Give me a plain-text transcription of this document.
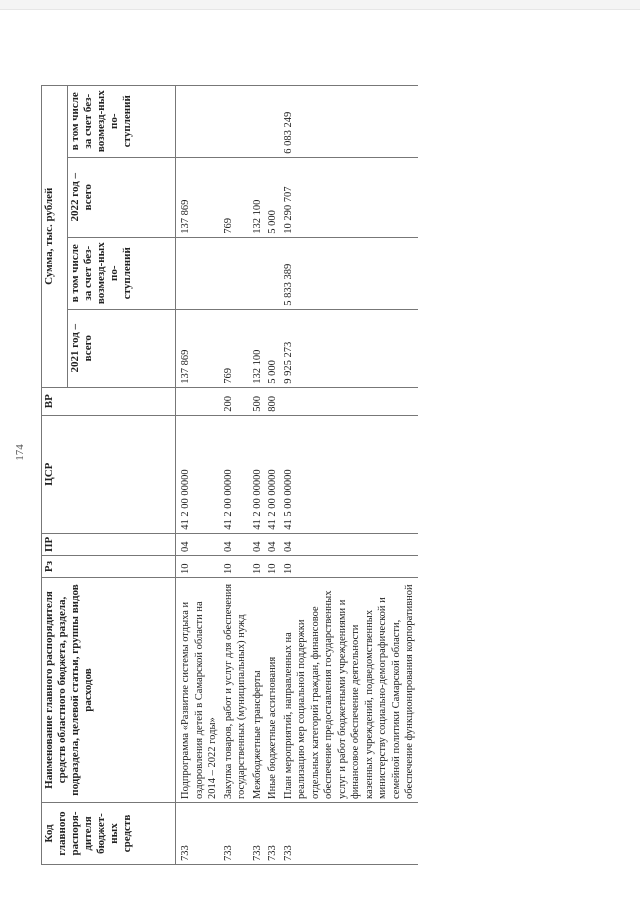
174
Код главного распоря-дителя бюджет-ных средств	Наименование главного распорядителя средств областного бюджета, раздела, подраздела, целевой статьи, группы видов расходов	Рз	ПР	ЦСР	ВР	Сумма, тыс. рублей			
						2021 год – всего	в том числе за счет без-возмезд-ных по-ступлений	2022 год – всего	в том числе за счет без-возмезд-ных по-ступлений
733	Подпрограмма «Развитие системы отдыха и оздоровления детей в Самарской области на 2014 – 2022 годы»	10	04	41 2 00 00000		137 869		137 869	
733	Закупка товаров, работ и услуг для обеспечения государственных (муниципальных) нужд	10	04	41 2 00 00000	200	769		769	
733	Межбюджетные трансферты	10	04	41 2 00 00000	500	132 100		132 100	
733	Иные бюджетные ассигнования	10	04	41 2 00 00000	800	5 000		5 000	
733	План мероприятий, направленных на реализацию мер социальной поддержки отдельных категорий граждан, финансовое обеспечение предоставления государственных услуг и работ бюджетными учреждениями и финансовое обеспечение деятельности казенных учреждений, подведомственных министерству социально-демографической и семейной политики Самарской области, обеспечение функционирования корпоративной	10	04	41 5 00 00000		9 925 273	5 833 389	10 290 707	6 083 249
